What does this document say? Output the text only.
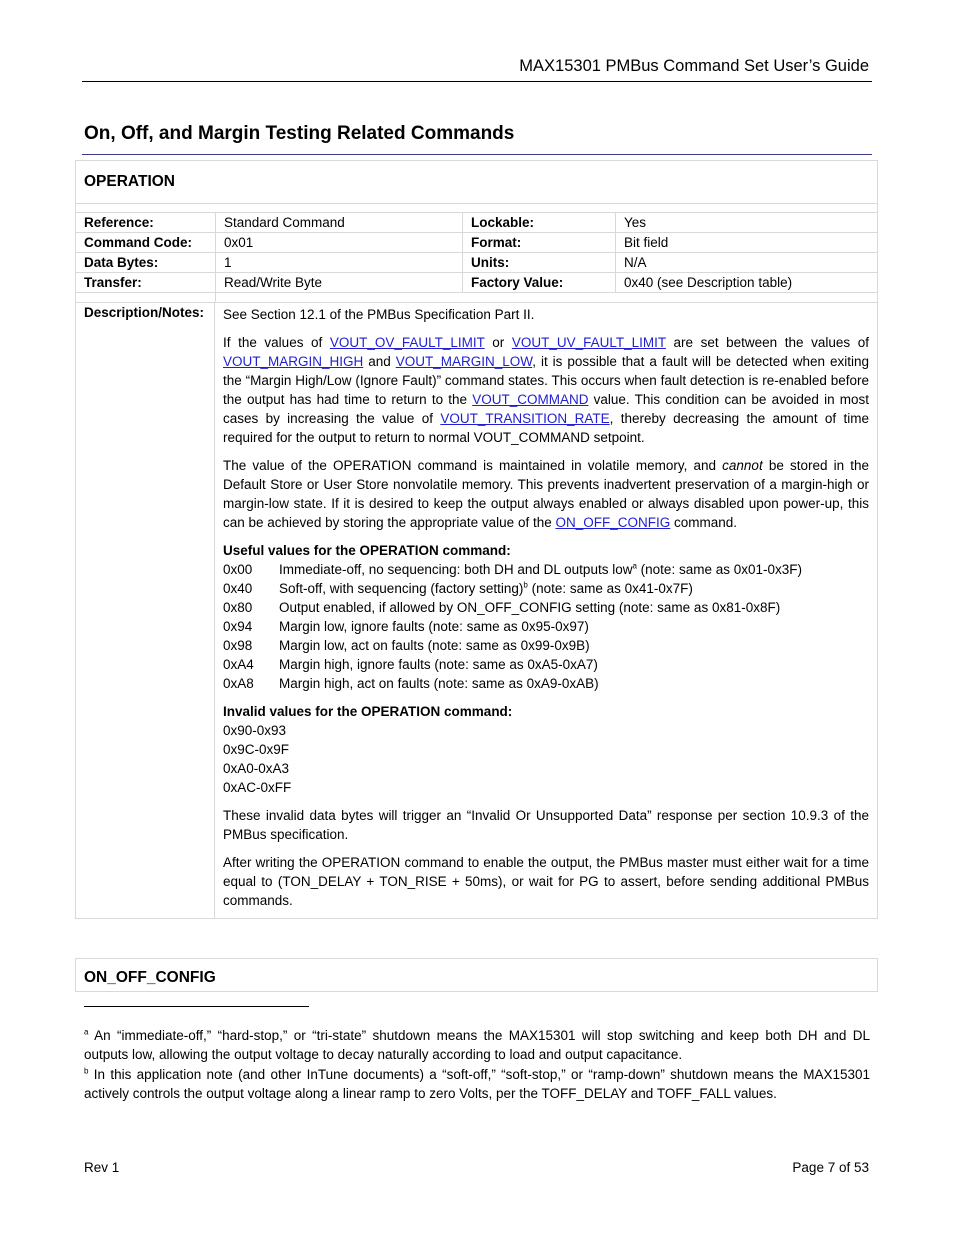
MAX15301 PMBus Command Set User’s Guide
On, Off, and Margin Testing Related Commands
OPERATION
Reference:	Standard Command	Lockable:	Yes
Command Code:	0x01	Format:	Bit field
Data Bytes:	1	Units:	N/A
Transfer:	Read/Write Byte	Factory Value:	0x40 (see Description table)
Description/Notes:	See Section 12.1 of the PMBus Specification Part II.

If the values of VOUT_OV_FAULT_LIMIT or VOUT_UV_FAULT_LIMIT are set between the values of VOUT_MARGIN_HIGH and VOUT_MARGIN_LOW, it is possible that a fault will be detected when exiting the “Margin High/Low (Ignore Fault)” command states. This occurs when fault detection is re-enabled before the output has had time to return to the VOUT_COMMAND value. This condition can be avoided in most cases by increasing the value of VOUT_TRANSITION_RATE, thereby decreasing the amount of time required for the output to return to normal VOUT_COMMAND setpoint.

The value of the OPERATION command is maintained in volatile memory, and cannot be stored in the Default Store or User Store nonvolatile memory. This prevents inadvertent preservation of a margin-high or margin-low state. If it is desired to keep the output always enabled or always disabled upon power-up, this can be achieved by storing the appropriate value of the ON_OFF_CONFIG command.

Useful values for the OPERATION command:
0x00	Immediate-off, no sequencing: both DH and DL outputs low$^a$ (note: same as 0x01-0x3F)
0x40	Soft-off, with sequencing (factory setting)$^b$ (note: same as 0x41-0x7F)
0x80	Output enabled, if allowed by ON_OFF_CONFIG setting (note: same as 0x81-0x8F)
0x94	Margin low, ignore faults (note: same as 0x95-0x97)
0x98	Margin low, act on faults (note: same as 0x99-0x9B)
0xA4	Margin high, ignore faults (note: same as 0xA5-0xA7)
0xA8	Margin high, act on faults (note: same as 0xA9-0xAB)
Invalid values for the OPERATION command:
0x90-0x93
0x9C-0x9F
0xA0-0xA3
0xAC-0xFF

These invalid data bytes will trigger an “Invalid Or Unsupported Data” response per section 10.9.3 of the PMBus specification.

After writing the OPERATION command to enable the output, the PMBus master must either wait for a time equal to (TON_DELAY + TON_RISE + 50ms), or wait for PG to assert, before sending additional PMBus commands.

ON_OFF_CONFIG
$^a$ An “immediate-off,” “hard-stop,” or “tri-state” shutdown means the MAX15301 will stop switching and keep both DH and DL outputs low, allowing the output voltage to decay naturally according to load and output capacitance.
$^b$ In this application note (and other InTune documents) a “soft-off,” “soft-stop,” or “ramp-down” shutdown means the MAX15301 actively controls the output voltage along a linear ramp to zero Volts, per the TOFF_DELAY and TOFF_FALL values.
Rev 1	Page 7 of 53
